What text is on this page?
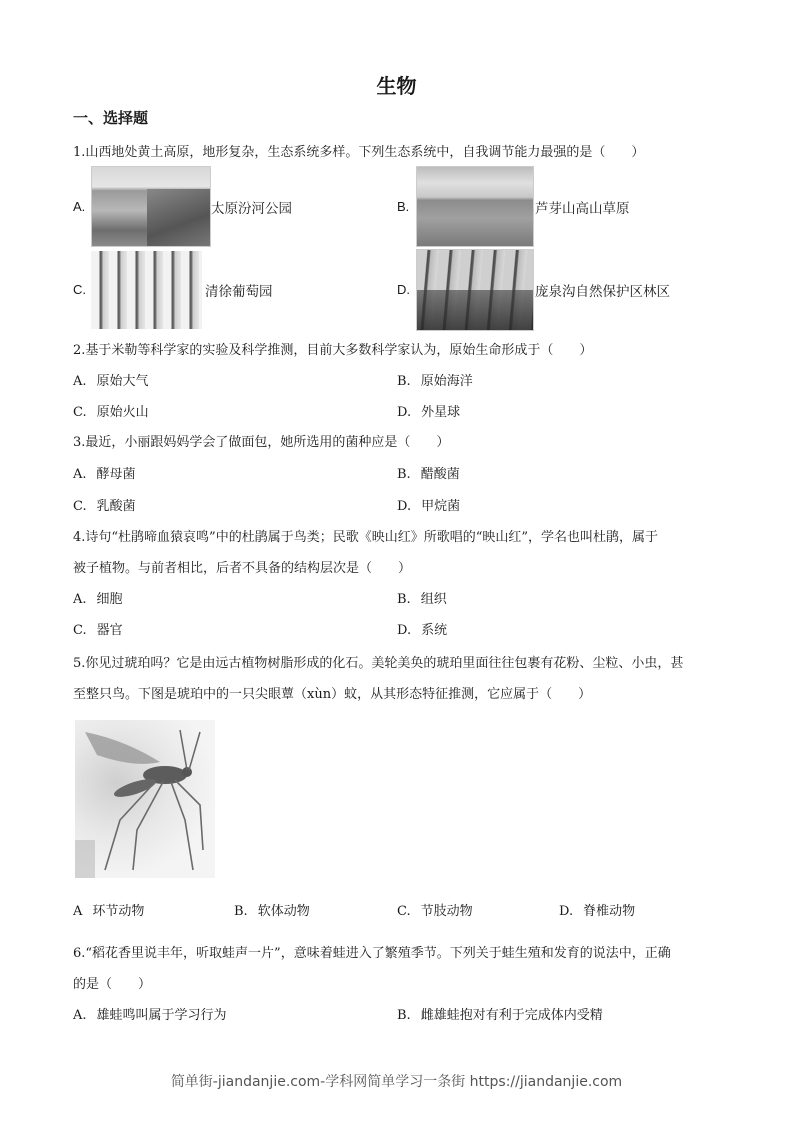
生物
一、选择题
1.山西地处黄土高原，地形复杂，生态系统多样。下列生态系统中，自我调节能力最强的是（　　）
A.	太原汾河公园	B.	芦芽山高山草原
C.	清徐葡萄园	D.	庞泉沟自然保护区林区
2.基于米勒等科学家的实验及科学推测，目前大多数科学家认为，原始生命形成于（　　）
A. 原始大气	B. 原始海洋
C. 原始火山	D. 外星球
3.最近，小丽跟妈妈学会了做面包，她所选用的菌种应是（　　）
A. 酵母菌	B. 醋酸菌
C. 乳酸菌	D. 甲烷菌
4.诗句“杜鹃啼血猿哀鸣”中的杜鹃属于鸟类；民歌《映山红》所歌唱的“映山红”，学名也叫杜鹃，属于
被子植物。与前者相比，后者不具备的结构层次是（　　）
A. 细胞	B. 组织
C. 器官	D. 系统
5.你见过琥珀吗？它是由远古植物树脂形成的化石。美轮美奂的琥珀里面往往包裹有花粉、尘粒、小虫，甚
至整只鸟。下图是琥珀中的一只尖眼蕈（xùn）蚊，从其形态特征推测，它应属于（　　）
A 环节动物	B. 软体动物	C. 节肢动物	D. 脊椎动物
6.“稻花香里说丰年，听取蛙声一片”，意味着蛙进入了繁殖季节。下列关于蛙生殖和发育的说法中，正确
的是（　　）
A. 雄蛙鸣叫属于学习行为	B. 雌雄蛙抱对有利于完成体内受精
简单街-jiandanjie.com-学科网简单学习一条街 https://jiandanjie.com
